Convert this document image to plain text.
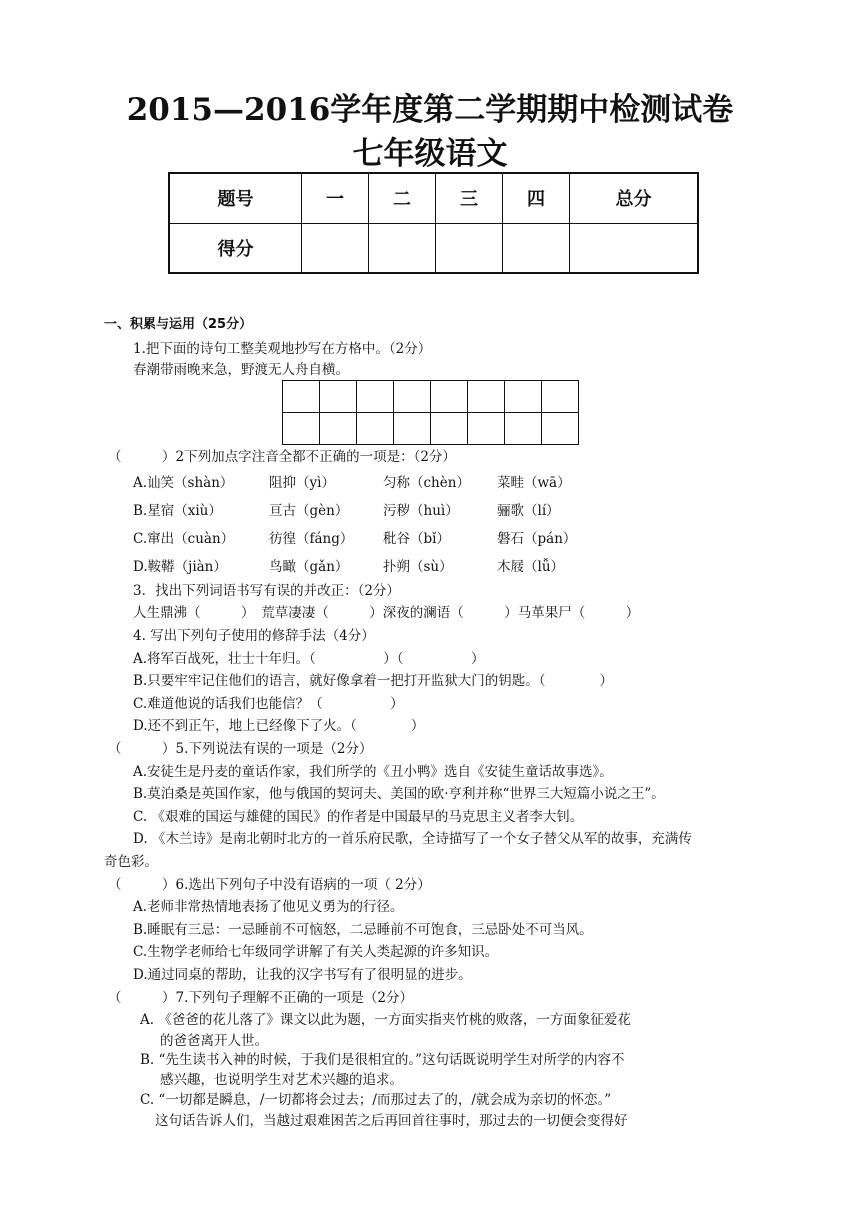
2015—2016学年度第二学期期中检测试卷
七年级语文
题号	一	二	三	四	总分
得分					
一、积累与运用（25分）
1.把下面的诗句工整美观地抄写在方格中。（2分）
春潮带雨晚来急，野渡无人舟自横。

（　　　）2下列加点字注音全都不正确的一项是：（2分）
A.讪笑（shàn）	阻抑（yì）	匀称（chèn） 菜畦（wā）
B.星宿（xiù）	亘古（gèn）	污秽（huì）	骊歌（lí）
C.窜出（cuàn）	彷徨（fáng） 秕谷（bǐ）	磐石（pán）
D.鞍鞯（jiàn）	鸟瞰（gǎn）	扑朔（sù）	木屐（lǚ）
3．找出下列词语书写有误的并改正：（2分）
人生鼎沸（　　　）　荒草凄凄（　　　）深夜的澜语（　　　）马革果尸（　　　）
4. 写出下列句子使用的修辞手法（4分）
A.将军百战死，壮士十年归。（　　　　　）（　　　　　）
B.只要牢牢记住他们的语言，就好像拿着一把打开监狱大门的钥匙。（　　　　）
C.难道他说的话我们也能信？（　　　　　）
D.还不到正午，地上已经像下了火。（　　　　）
（　　　）5.下列说法有误的一项是（2分）
A.安徒生是丹麦的童话作家，我们所学的《丑小鸭》选自《安徒生童话故事选》。
B.莫泊桑是英国作家，他与俄国的契诃夫、美国的欧·亨利并称“世界三大短篇小说之王”。
C. 《艰难的国运与雄健的国民》的作者是中国最早的马克思主义者李大钊。
D. 《木兰诗》是南北朝时北方的一首乐府民歌，全诗描写了一个女子替父从军的故事，充满传
奇色彩。
（　　　）6.选出下列句子中没有语病的一项（ 2分）
A.老师非常热情地表扬了他见义勇为的行径。
B.睡眠有三忌：一忌睡前不可恼怒，二忌睡前不可饱食，三忌卧处不可当风。
C.生物学老师给七年级同学讲解了有关人类起源的许多知识。
D.通过同桌的帮助，让我的汉字书写有了很明显的进步。
（　　　）7.下列句子理解不正确的一项是（2分）
A. 《爸爸的花儿落了》课文以此为题，一方面实指夹竹桃的败落，一方面象征爱花
的爸爸离开人世。
B. “先生读书入神的时候，于我们是很相宜的。”这句话既说明学生对所学的内容不
感兴趣，也说明学生对艺术兴趣的追求。
C. “一切都是瞬息，/一切都将会过去；/而那过去了的，/就会成为亲切的怀恋。”
这句话告诉人们，当越过艰难困苦之后再回首往事时，那过去的一切便会变得好
